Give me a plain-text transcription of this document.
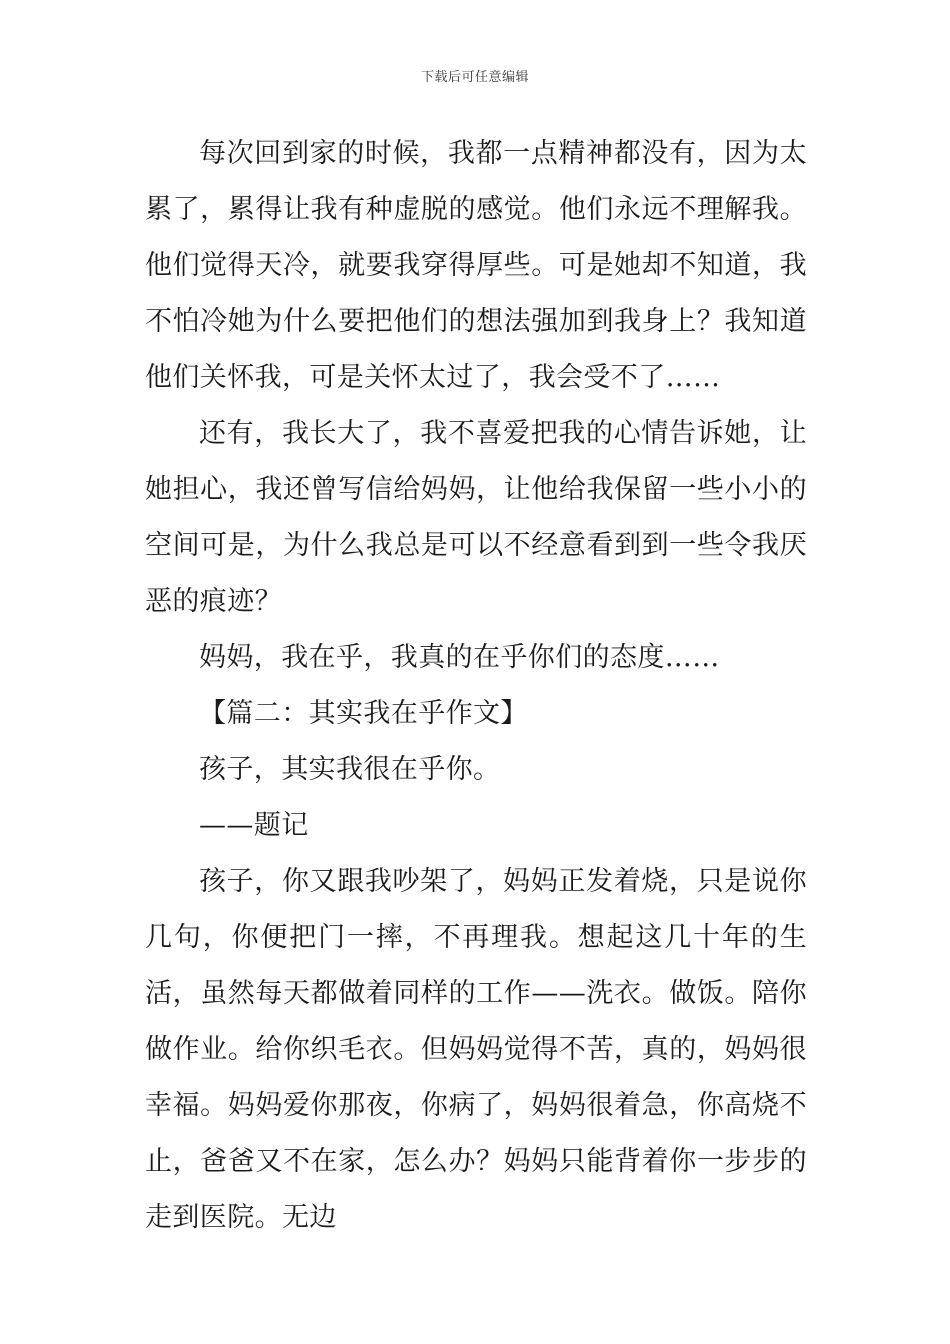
下载后可任意编辑

每次回到家的时候，我都一点精神都没有，因为太累了，累得让我有种虚脱的感觉。他们永远不理解我。他们觉得天冷，就要我穿得厚些。可是她却不知道，我不怕冷她为什么要把他们的想法强加到我身上？我知道他们关怀我，可是关怀太过了，我会受不了……

还有，我长大了，我不喜爱把我的心情告诉她，让她担心，我还曾写信给妈妈，让他给我保留一些小小的空间可是，为什么我总是可以不经意看到到一些令我厌恶的痕迹？

妈妈，我在乎，我真的在乎你们的态度……

【篇二：其实我在乎作文】

孩子，其实我很在乎你。

——题记

孩子，你又跟我吵架了，妈妈正发着烧，只是说你几句，你便把门一摔，不再理我。想起这几十年的生活，虽然每天都做着同样的工作——洗衣。做饭。陪你做作业。给你织毛衣。但妈妈觉得不苦，真的，妈妈很幸福。妈妈爱你那夜，你病了，妈妈很着急，你高烧不止，爸爸又不在家，怎么办？妈妈只能背着你一步步的走到医院。无边
